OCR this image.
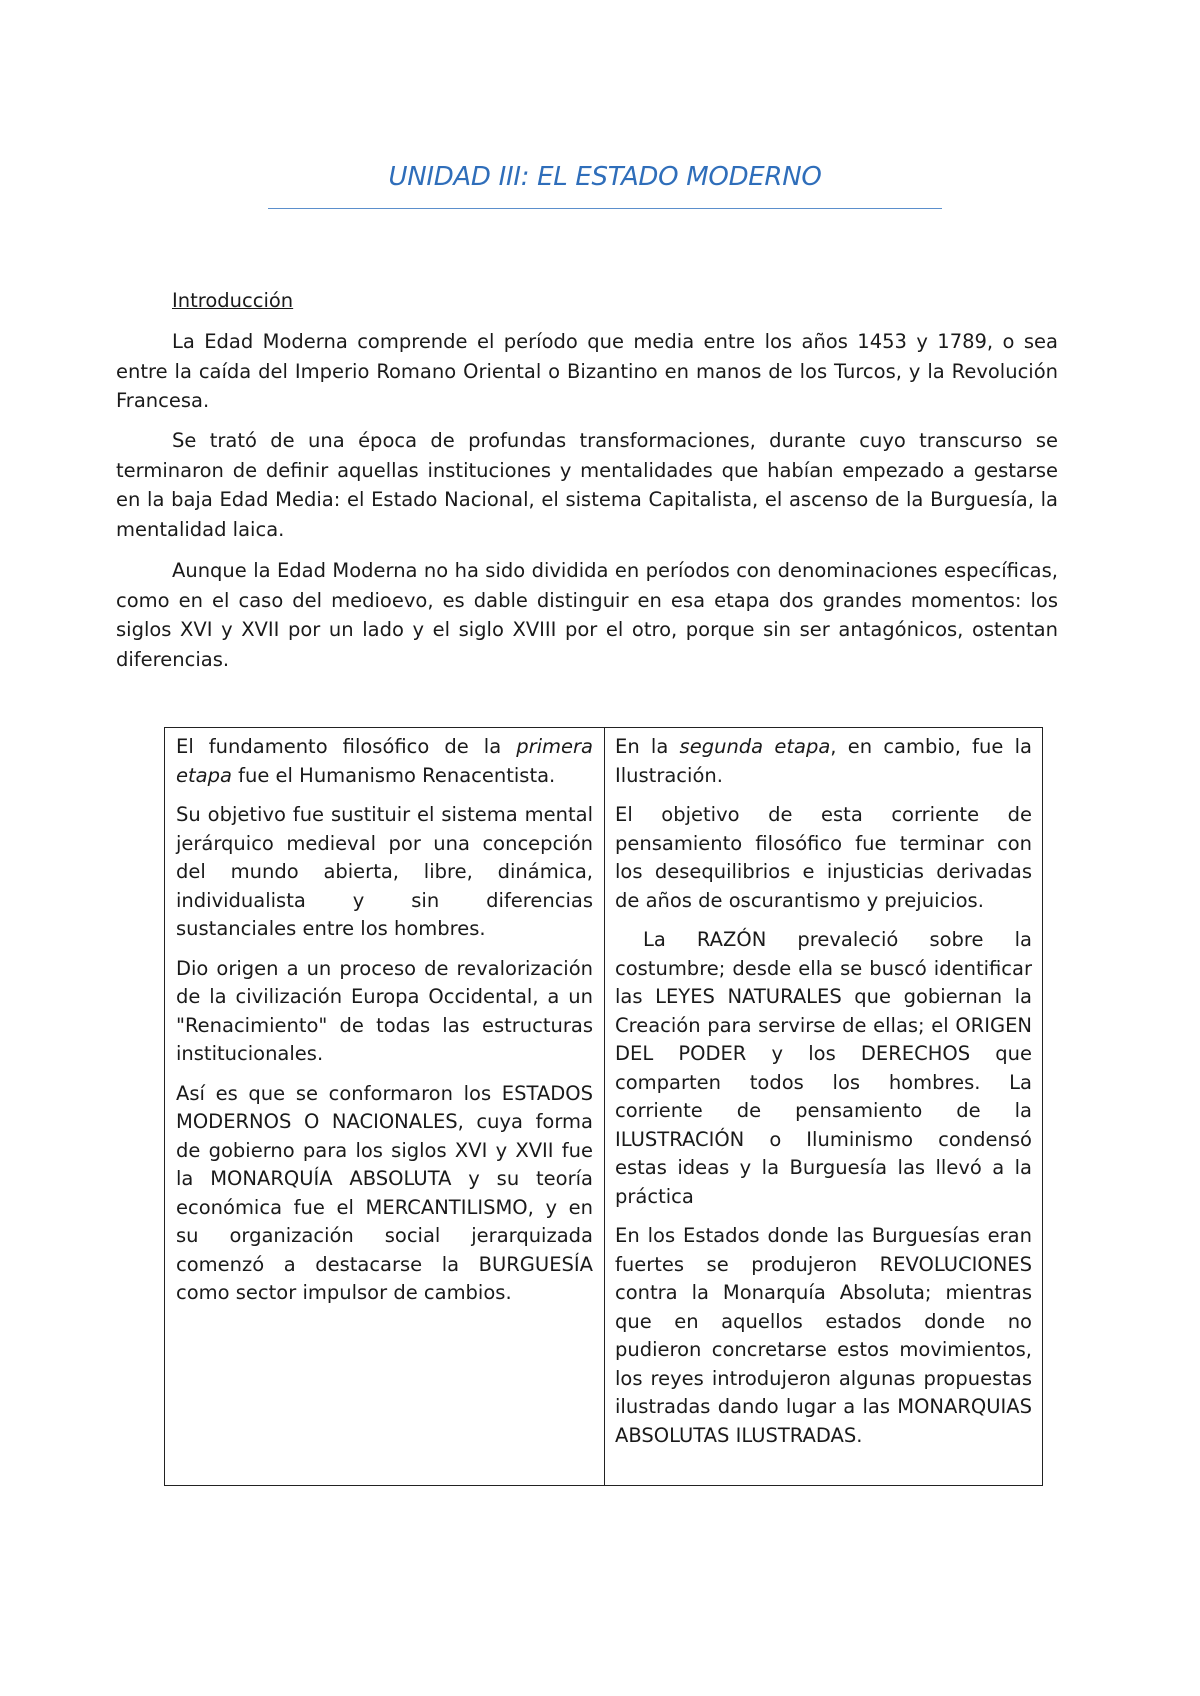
UNIDAD III: EL ESTADO MODERNO
Introducción

La Edad Moderna comprende el período que media entre los años 1453 y 1789, o sea entre la caída del Imperio Romano Oriental o Bizantino en manos de los Turcos, y la Revolución Francesa.

Se trató de una época de profundas transformaciones, durante cuyo transcurso se terminaron de definir aquellas instituciones y mentalidades que habían empezado a gestarse en la baja Edad Media: el Estado Nacional, el sistema Capitalista, el ascenso de la Burguesía, la mentalidad laica.

Aunque la Edad Moderna no ha sido dividida en períodos con denominaciones específicas, como en el caso del medioevo, es dable distinguir en esa etapa dos grandes momentos: los siglos XVI y XVII por un lado y el siglo XVIII por el otro, porque sin ser antagónicos, ostentan diferencias.

El fundamento filosófico de la primera etapa fue el Humanismo Renacentista.

Su objetivo fue sustituir el sistema mental jerárquico medieval por una concepción del mundo abierta, libre, dinámica, individualista y sin diferencias sustanciales entre los hombres.

Dio origen a un proceso de revalorización de la civilización Europa Occidental, a un "Renacimiento" de todas las estructuras institucionales.

Así es que se conformaron los ESTADOS MODERNOS O NACIONALES, cuya forma de gobierno para los siglos XVI y XVII fue la MONARQUÍA ABSOLUTA y su teoría económica fue el MERCANTILISMO, y en su organización social jerarquizada comenzó a destacarse la BURGUESÍA como sector impulsor de cambios.

En la segunda etapa, en cambio, fue la Ilustración.

El objetivo de esta corriente de pensamiento filosófico fue terminar con los desequilibrios e injusticias derivadas de años de oscurantismo y prejuicios.

La RAZÓN prevaleció sobre la costumbre; desde ella se buscó identificar las LEYES NATURALES que gobiernan la Creación para servirse de ellas; el ORIGEN DEL PODER y los DERECHOS que comparten todos los hombres. La corriente de pensamiento de la ILUSTRACIÓN o Iluminismo condensó estas ideas y la Burguesía las llevó a la práctica

En los Estados donde las Burguesías eran fuertes se produjeron REVOLUCIONES contra la Monarquía Absoluta; mientras que en aquellos estados donde no pudieron concretarse estos movimientos, los reyes introdujeron algunas propuestas ilustradas dando lugar a las MONARQUIAS ABSOLUTAS ILUSTRADAS.
